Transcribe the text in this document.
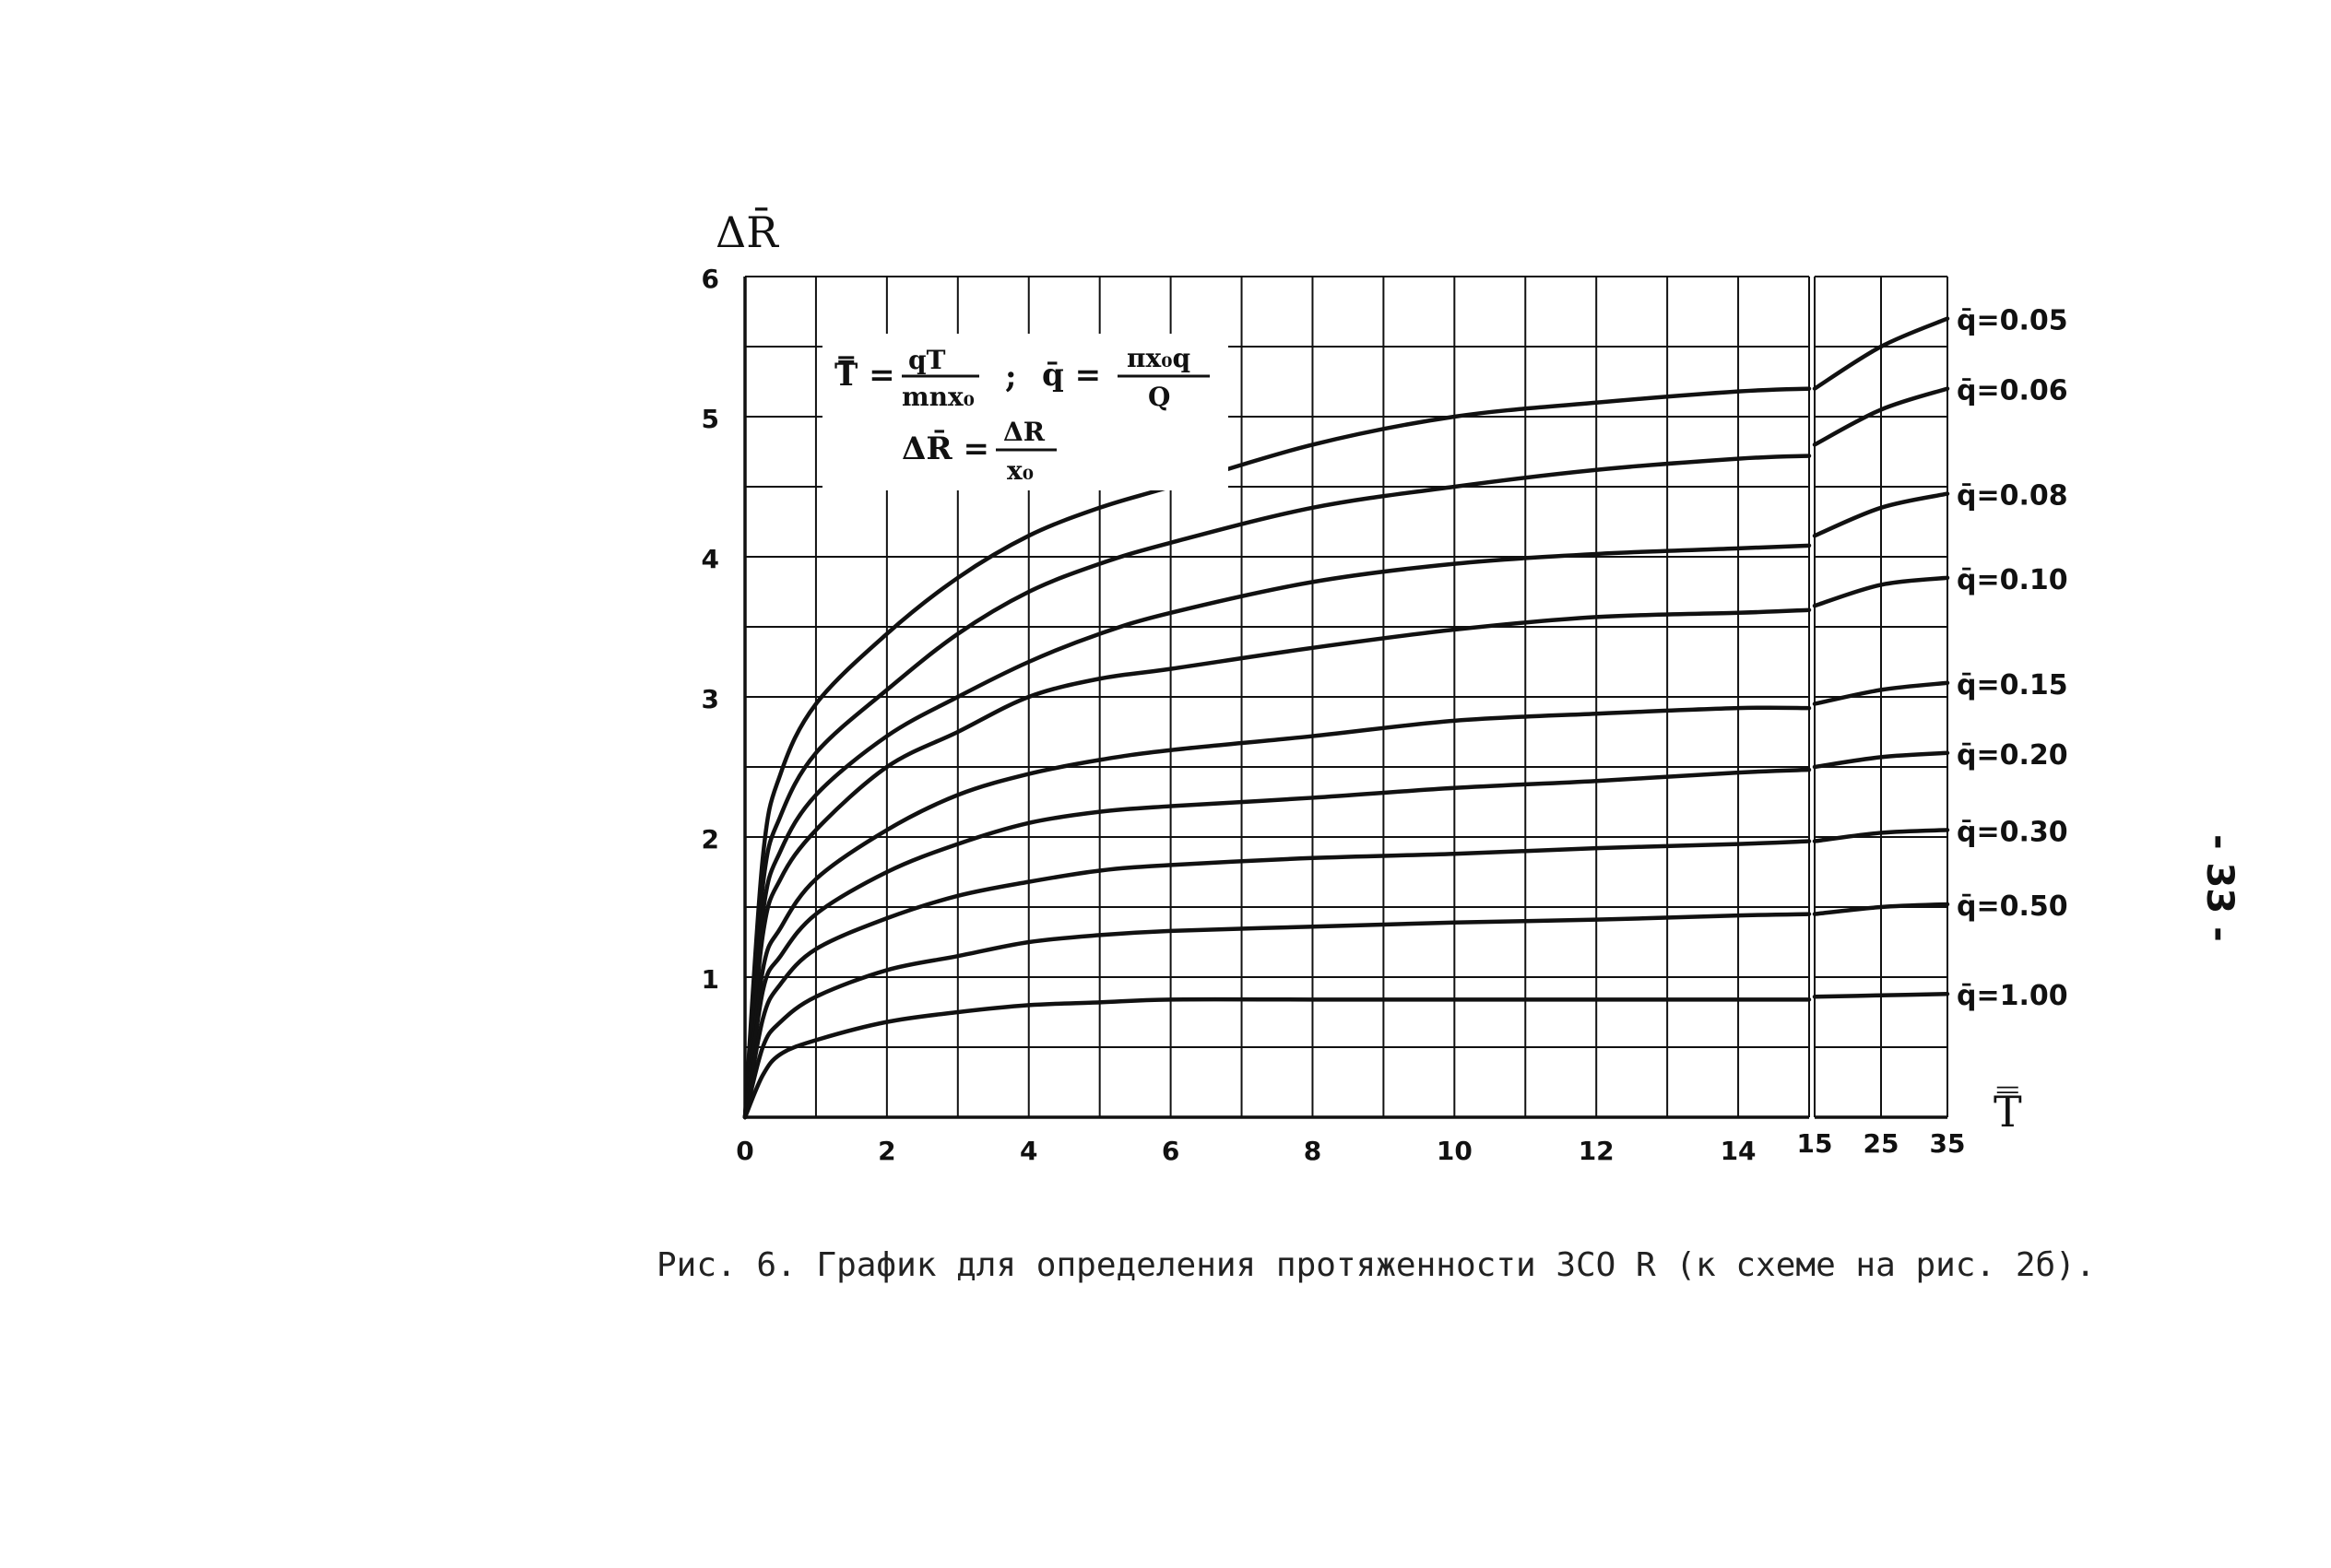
0	2	4	6	8	10	12	14 15 25 35
1
2
3
4
5
6
q̄=0.05
q̄=0.06
q̄=0.08
q̄=0.10
q̄=0.15
q̄=0.20
q̄=0.30
q̄=0.50
q̄=1.00
ΔR̄
T̿
T̿ = qT
mnx₀
; q̄ = πx₀q
Q
ΔR̄ = ΔR
x₀
Рис. 6. График для определения протяженности ЗСО R (к схеме на рис. 2б).
- 33 -
